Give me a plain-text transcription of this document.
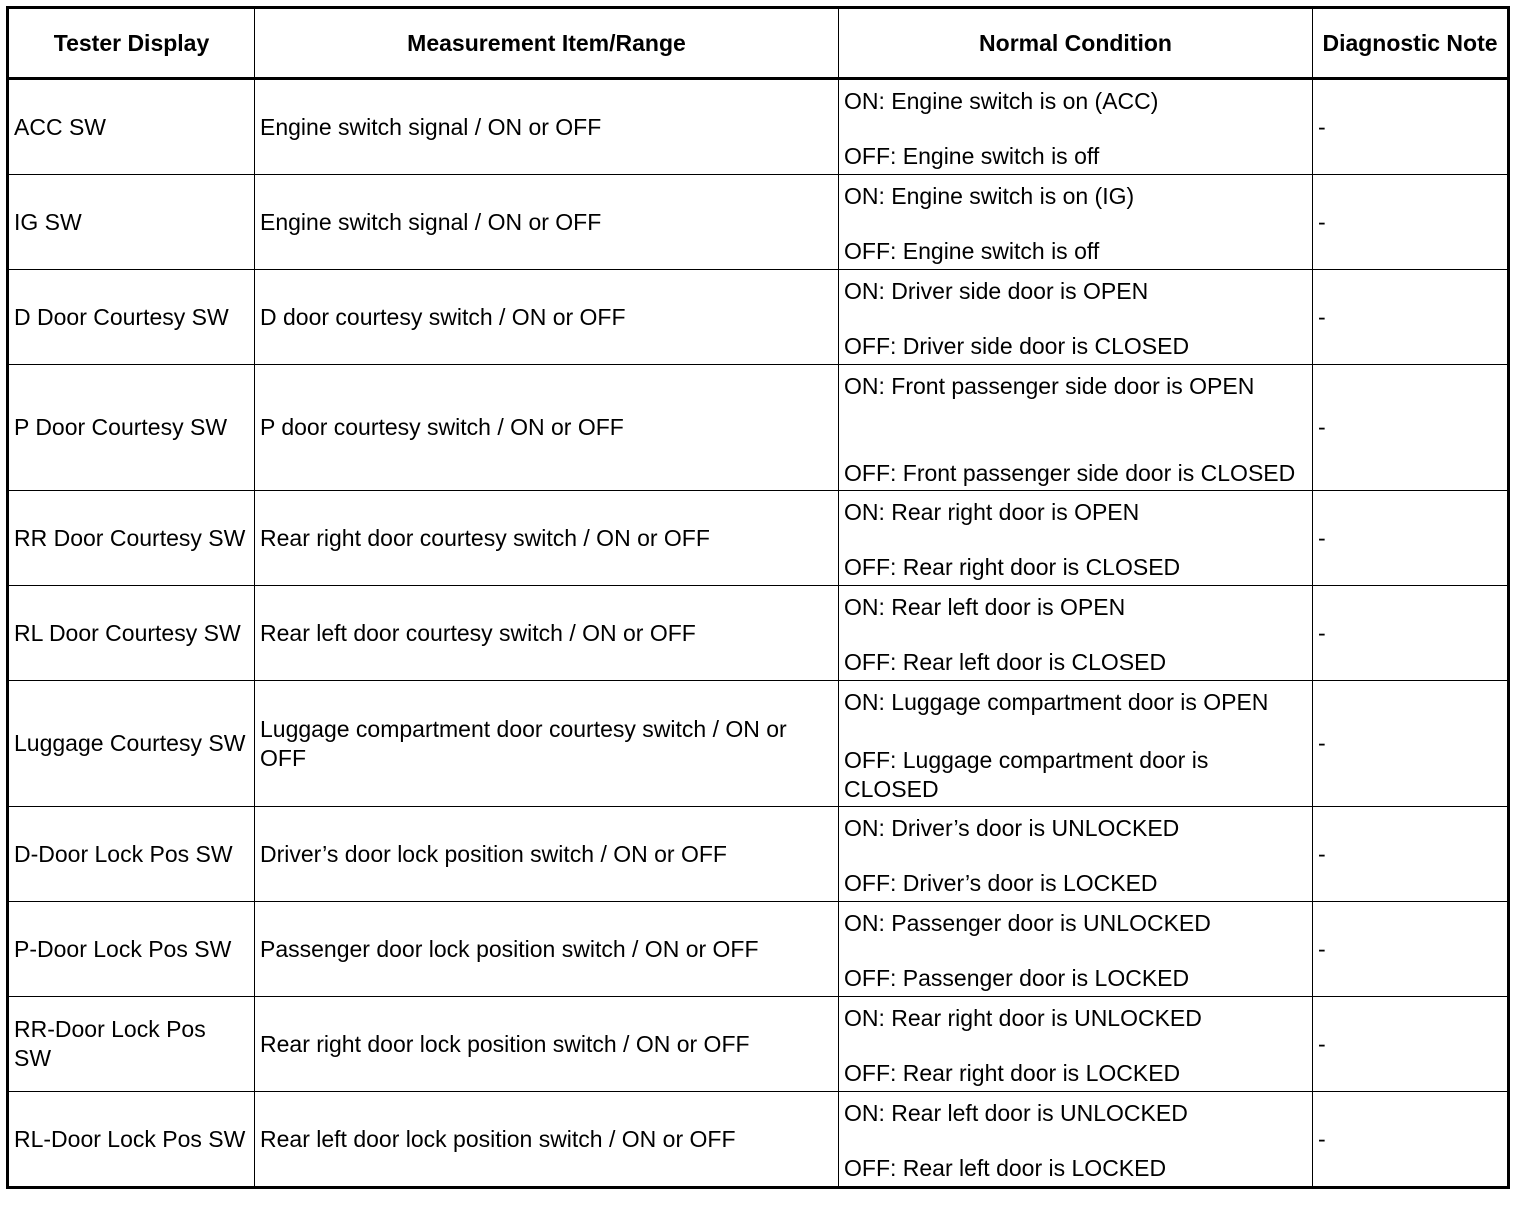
Tester Display	Measurement Item/Range	Normal Condition	Diagnostic Note
ACC SW	Engine switch signal / ON or OFF	ON: Engine switch is on (ACC)
OFF: Engine switch is off	-
IG SW	Engine switch signal / ON or OFF	ON: Engine switch is on (IG)
OFF: Engine switch is off	-
D Door Courtesy SW	D door courtesy switch / ON or OFF	ON: Driver side door is OPEN
OFF: Driver side door is CLOSED	-
P Door Courtesy SW	P door courtesy switch / ON or OFF	ON: Front passenger side door is OPEN
OFF: Front passenger side door is CLOSED	-
RR Door Courtesy SW	Rear right door courtesy switch / ON or OFF	ON: Rear right door is OPEN
OFF: Rear right door is CLOSED	-
RL Door Courtesy SW	Rear left door courtesy switch / ON or OFF	ON: Rear left door is OPEN
OFF: Rear left door is CLOSED	-
Luggage Courtesy SW	Luggage compartment door courtesy switch / ON or OFF	ON: Luggage compartment door is OPEN
OFF: Luggage compartment door is CLOSED	-
D-Door Lock Pos SW	Driver’s door lock position switch / ON or OFF	ON: Driver’s door is UNLOCKED
OFF: Driver’s door is LOCKED	-
P-Door Lock Pos SW	Passenger door lock position switch / ON or OFF	ON: Passenger door is UNLOCKED
OFF: Passenger door is LOCKED	-
RR-Door Lock Pos SW	Rear right door lock position switch / ON or OFF	ON: Rear right door is UNLOCKED
OFF: Rear right door is LOCKED	-
RL-Door Lock Pos SW	Rear left door lock position switch / ON or OFF	ON: Rear left door is UNLOCKED
OFF: Rear left door is LOCKED	-
